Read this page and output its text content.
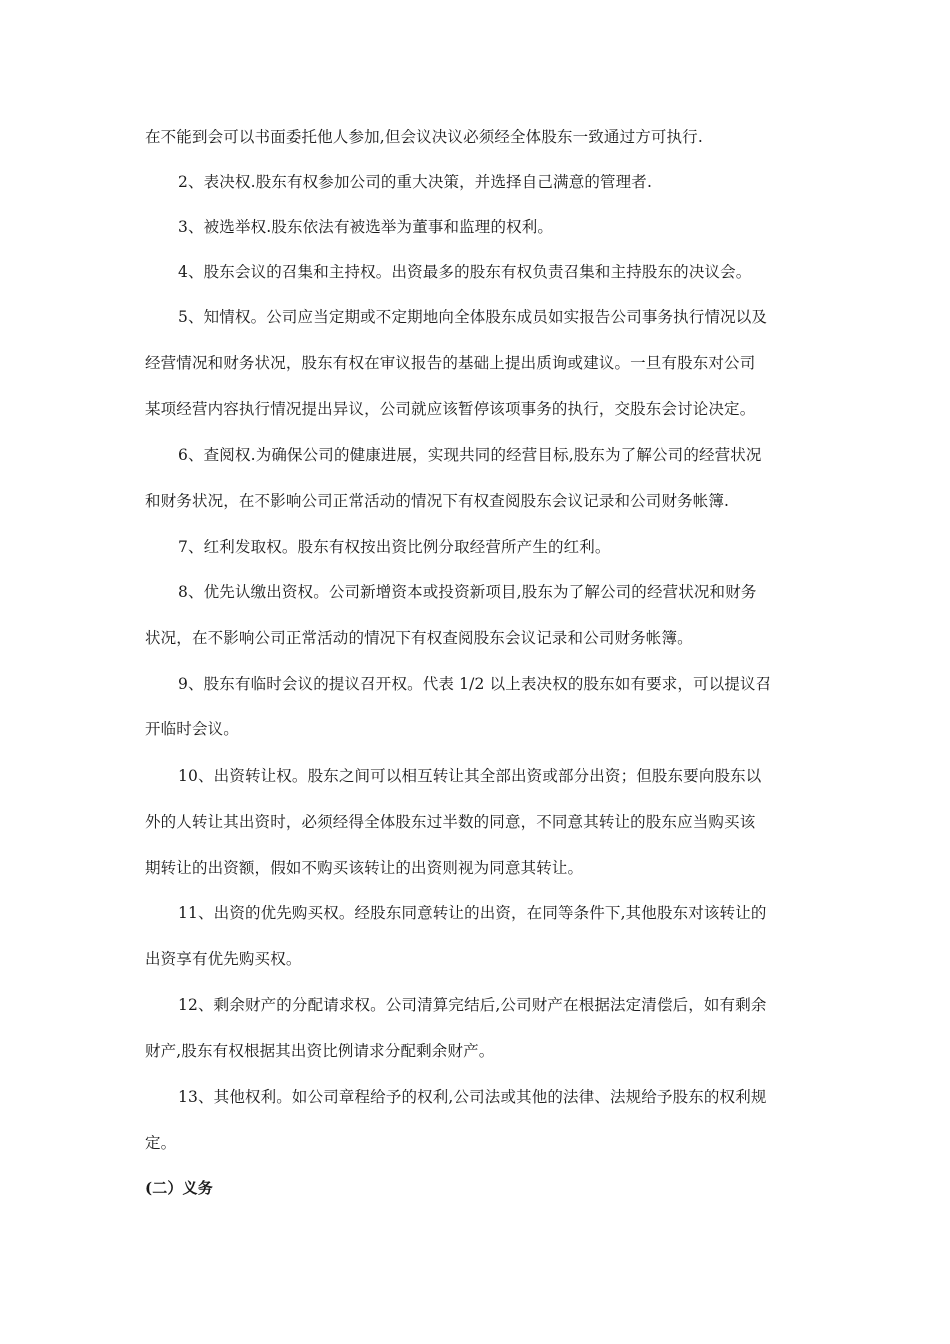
在不能到会可以书面委托他人参加,但会议决议必须经全体股东一致通过方可执行.
2、表决权.股东有权参加公司的重大决策，并选择自己满意的管理者.
3、被选举权.股东依法有被选举为董事和监理的权利。
4、股东会议的召集和主持权。出资最多的股东有权负责召集和主持股东的决议会。
5、知情权。公司应当定期或不定期地向全体股东成员如实报告公司事务执行情况以及
经营情况和财务状况，股东有权在审议报告的基础上提出质询或建议。一旦有股东对公司
某项经营内容执行情况提出异议，公司就应该暂停该项事务的执行，交股东会讨论决定。
6、查阅权.为确保公司的健康进展，实现共同的经营目标,股东为了解公司的经营状况
和财务状况，在不影响公司正常活动的情况下有权查阅股东会议记录和公司财务帐簿.
7、红利发取权。股东有权按出资比例分取经营所产生的红利。
8、优先认缴出资权。公司新增资本或投资新项目,股东为了解公司的经营状况和财务
状况，在不影响公司正常活动的情况下有权查阅股东会议记录和公司财务帐簿。
9、股东有临时会议的提议召开权。代表 1/2 以上表决权的股东如有要求，可以提议召
开临时会议。
10、出资转让权。股东之间可以相互转让其全部出资或部分出资；但股东要向股东以
外的人转让其出资时，必须经得全体股东过半数的同意，不同意其转让的股东应当购买该
期转让的出资额，假如不购买该转让的出资则视为同意其转让。
11、出资的优先购买权。经股东同意转让的出资，在同等条件下,其他股东对该转让的
出资享有优先购买权。
12、剩余财产的分配请求权。公司清算完结后,公司财产在根据法定清偿后，如有剩余
财产,股东有权根据其出资比例请求分配剩余财产。
13、其他权利。如公司章程给予的权利,公司法或其他的法律、法规给予股东的权利规
定。
(二）义务
